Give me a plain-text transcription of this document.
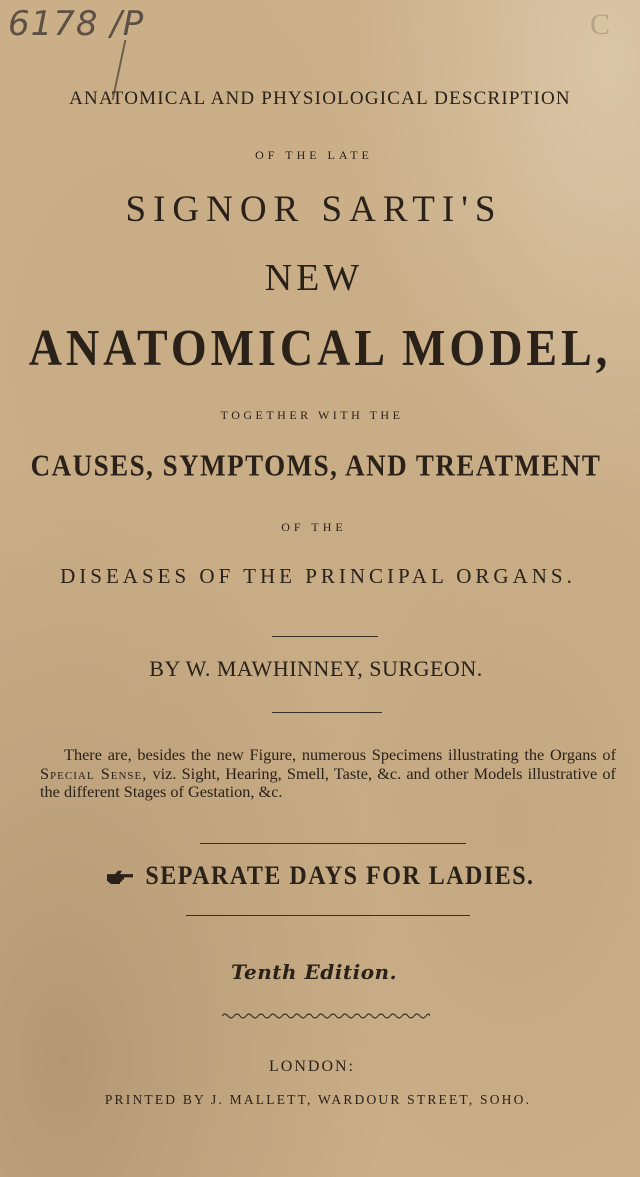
6178 /P	C

ANATOMICAL AND PHYSIOLOGICAL DESCRIPTION

OF THE LATE

SIGNOR SARTI'S

NEW

ANATOMICAL MODEL,

TOGETHER WITH THE

CAUSES, SYMPTOMS, AND TREATMENT

OF THE

DISEASES OF THE PRINCIPAL ORGANS.

BY W. MAWHINNEY, SURGEON.

There are, besides the new Figure, numerous Specimens illustrating the Organs of Special Sense, viz. Sight, Hearing, Smell, Taste, &c. and other Models illustrative of the different Stages of Gestation, &c.

SEPARATE DAYS FOR LADIES.

Tenth Edition.

LONDON:

PRINTED BY J. MALLETT, WARDOUR STREET, SOHO.
